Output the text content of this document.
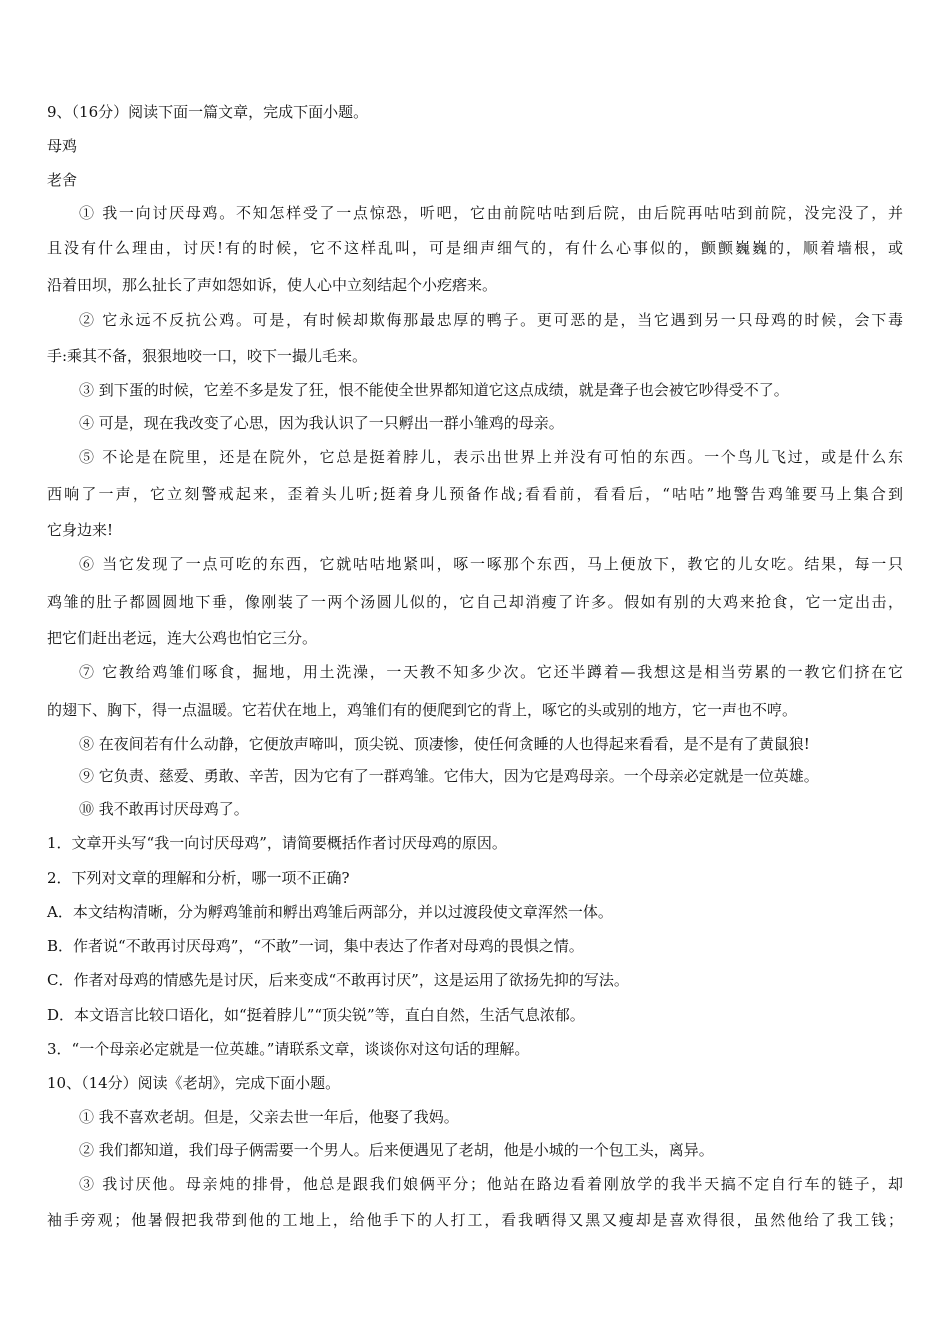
9、（16分）阅读下面一篇文章，完成下面小题。
母鸡
老舍
① 我一向讨厌母鸡。不知怎样受了一点惊恐，听吧，它由前院咕咕到后院，由后院再咕咕到前院，没完没了，并
且没有什么理由，讨厌!有的时候，它不这样乱叫，可是细声细气的，有什么心事似的，颤颤巍巍的，顺着墙根，或
沿着田坝，那么扯长了声如怨如诉，使人心中立刻结起个小疙瘩来。
② 它永远不反抗公鸡。可是，有时候却欺侮那最忠厚的鸭子。更可恶的是，当它遇到另一只母鸡的时候，会下毒
手:乘其不备，狠狠地咬一口，咬下一撮儿毛来。
③ 到下蛋的时候，它差不多是发了狂，恨不能使全世界都知道它这点成绩，就是聋子也会被它吵得受不了。
④ 可是，现在我改变了心思，因为我认识了一只孵出一群小雏鸡的母亲。
⑤ 不论是在院里，还是在院外，它总是挺着脖儿，表示出世界上并没有可怕的东西。一个鸟儿飞过，或是什么东
西响了一声，它立刻警戒起来，歪着头儿听;挺着身儿预备作战;看看前，看看后，“咕咕”地警告鸡雏要马上集合到
它身边来!
⑥ 当它发现了一点可吃的东西，它就咕咕地紧叫，啄一啄那个东西，马上便放下，教它的儿女吃。结果，每一只
鸡雏的肚子都圆圆地下垂，像刚装了一两个汤圆儿似的，它自己却消瘦了许多。假如有别的大鸡来抢食，它一定出击，
把它们赶出老远，连大公鸡也怕它三分。
⑦ 它教给鸡雏们啄食，掘地，用土洗澡，一天教不知多少次。它还半蹲着—我想这是相当劳累的一教它们挤在它
的翅下、胸下，得一点温暖。它若伏在地上，鸡雏们有的便爬到它的背上，啄它的头或别的地方，它一声也不哼。
⑧ 在夜间若有什么动静，它便放声啼叫，顶尖锐、顶凄惨，使任何贪睡的人也得起来看看，是不是有了黄鼠狼!
⑨ 它负责、慈爱、勇敢、辛苦，因为它有了一群鸡雏。它伟大，因为它是鸡母亲。一个母亲必定就是一位英雄。
⑩ 我不敢再讨厌母鸡了。
1．文章开头写“我一向讨厌母鸡”，请简要概括作者讨厌母鸡的原因。
2．下列对文章的理解和分析，哪一项不正确?
A．本文结构清晰，分为孵鸡雏前和孵出鸡雏后两部分，并以过渡段使文章浑然一体。
B．作者说“不敢再讨厌母鸡”，“不敢”一词，集中表达了作者对母鸡的畏惧之情。
C．作者对母鸡的情感先是讨厌，后来变成“不敢再讨厌”，这是运用了欲扬先抑的写法。
D．本文语言比较口语化，如“挺着脖儿”“顶尖锐”等，直白自然，生活气息浓郁。
3．“一个母亲必定就是一位英雄。”请联系文章，谈谈你对这句话的理解。
10、（14分）阅读《老胡》，完成下面小题。
① 我不喜欢老胡。但是，父亲去世一年后，他娶了我妈。
② 我们都知道，我们母子俩需要一个男人。后来便遇见了老胡，他是小城的一个包工头，离异。
③ 我讨厌他。母亲炖的排骨，他总是跟我们娘俩平分；他站在路边看着刚放学的我半天搞不定自行车的链子，却
袖手旁观；他暑假把我带到他的工地上，给他手下的人打工，看我晒得又黑又瘦却是喜欢得很，虽然他给了我工钱；
